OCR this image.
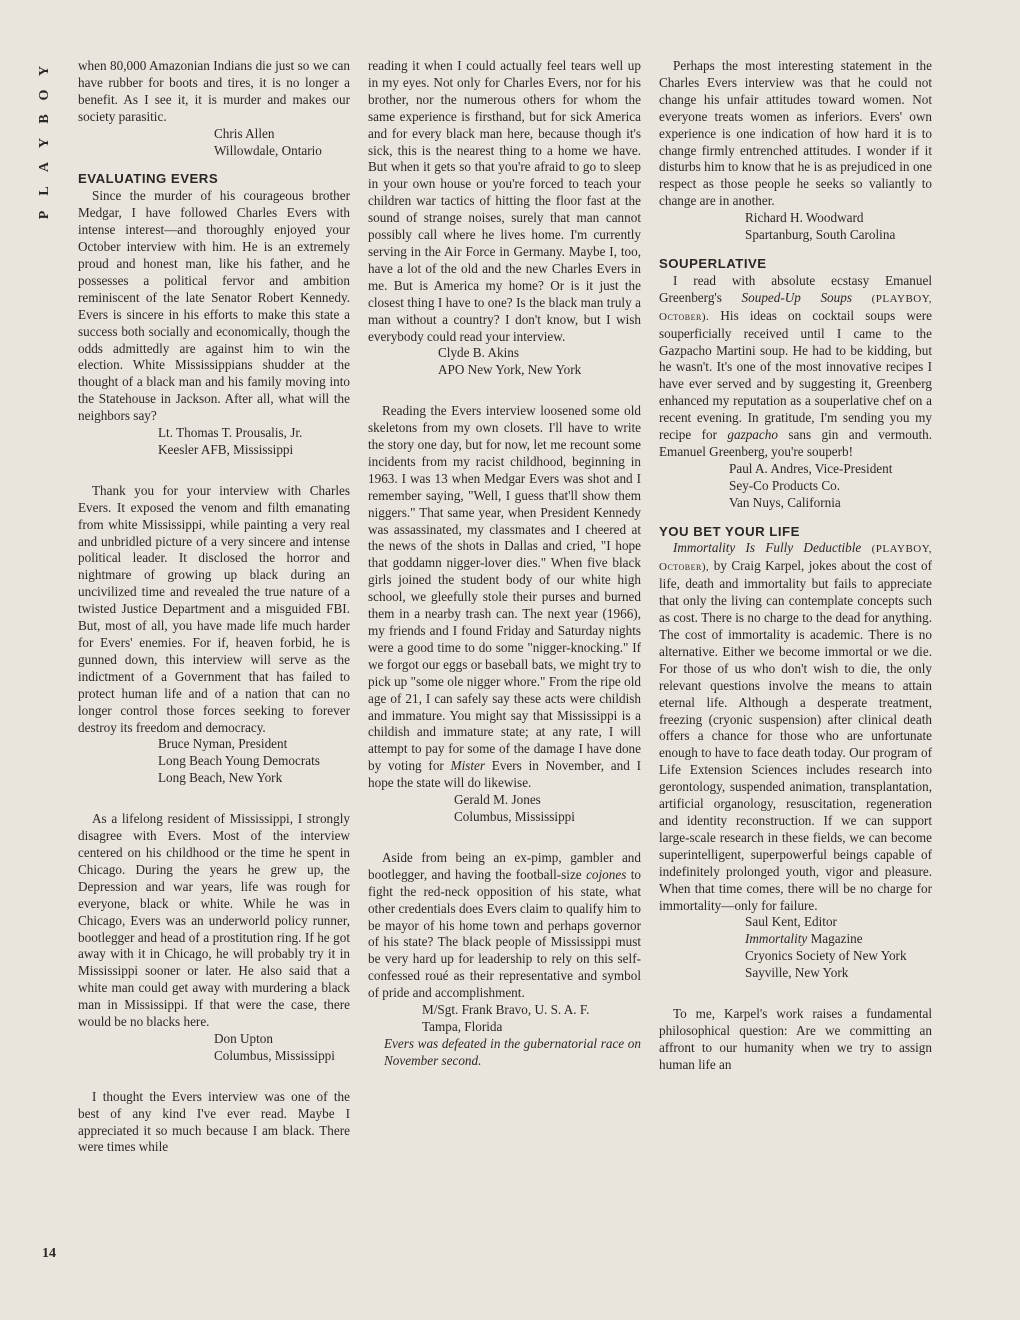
Y
O
B
Y
A
L
P
14

when 80,000 Amazonian Indians die just so we can have rubber for boots and tires, it is no longer a benefit. As I see it, it is murder and makes our society parasitic.

Chris Allen
Willowdale, Ontario
EVALUATING EVERS

Since the murder of his courageous brother Medgar, I have followed Charles Evers with intense interest—and thoroughly enjoyed your October interview with him. He is an extremely proud and honest man, like his father, and he possesses a political fervor and ambition reminiscent of the late Senator Robert Kennedy. Evers is sincere in his efforts to make this state a success both socially and economically, though the odds admittedly are against him to win the election. White Mississippians shudder at the thought of a black man and his family moving into the Statehouse in Jackson. After all, what will the neighbors say?

Lt. Thomas T. Prousalis, Jr.
Keesler AFB, Mississippi

Thank you for your interview with Charles Evers. It exposed the venom and filth emanating from white Mississippi, while painting a very real and unbridled picture of a very sincere and intense political leader. It disclosed the horror and nightmare of growing up black during an uncivilized time and revealed the true nature of a twisted Justice Department and a misguided FBI. But, most of all, you have made life much harder for Evers' enemies. For if, heaven forbid, he is gunned down, this interview will serve as the indictment of a Government that has failed to protect human life and of a nation that can no longer control those forces seeking to forever destroy its freedom and democracy.

Bruce Nyman, President
Long Beach Young Democrats
Long Beach, New York

As a lifelong resident of Mississippi, I strongly disagree with Evers. Most of the interview centered on his childhood or the time he spent in Chicago. During the years he grew up, the Depression and war years, life was rough for everyone, black or white. While he was in Chicago, Evers was an underworld policy runner, bootlegger and head of a prostitution ring. If he got away with it in Chicago, he will probably try it in Mississippi sooner or later. He also said that a white man could get away with murdering a black man in Mississippi. If that were the case, there would be no blacks here.

Don Upton
Columbus, Mississippi

I thought the Evers interview was one of the best of any kind I've ever read. Maybe I appreciated it so much because I am black. There were times while

reading it when I could actually feel tears well up in my eyes. Not only for Charles Evers, nor for his brother, nor the numerous others for whom the same experience is firsthand, but for sick America and for every black man here, because though it's sick, this is the nearest thing to a home we have. But when it gets so that you're afraid to go to sleep in your own house or you're forced to teach your children war tactics of hitting the floor fast at the sound of strange noises, surely that man cannot possibly call where he lives home. I'm currently serving in the Air Force in Germany. Maybe I, too, have a lot of the old and the new Charles Evers in me. But is America my home? Or is it just the closest thing I have to one? Is the black man truly a man without a country? I don't know, but I wish everybody could read your interview.

Clyde B. Akins
APO New York, New York

Reading the Evers interview loosened some old skeletons from my own closets. I'll have to write the story one day, but for now, let me recount some incidents from my racist childhood, beginning in 1963. I was 13 when Medgar Evers was shot and I remember saying, "Well, I guess that'll show them niggers." That same year, when President Kennedy was assassinated, my classmates and I cheered at the news of the shots in Dallas and cried, "I hope that goddamn nigger-lover dies." When five black girls joined the student body of our white high school, we gleefully stole their purses and burned them in a nearby trash can. The next year (1966), my friends and I found Friday and Saturday nights were a good time to do some "nigger-knocking." If we forgot our eggs or baseball bats, we might try to pick up "some ole nigger whore." From the ripe old age of 21, I can safely say these acts were childish and immature. You might say that Mississippi is a childish and immature state; at any rate, I will attempt to pay for some of the damage I have done by voting for Mister Evers in November, and I hope the state will do likewise.

Gerald M. Jones
Columbus, Mississippi

Aside from being an ex-pimp, gambler and bootlegger, and having the football-size cojones to fight the red-neck opposition of his state, what other credentials does Evers claim to qualify him to be mayor of his home town and perhaps governor of his state? The black people of Mississippi must be very hard up for leadership to rely on this self-confessed roué as their representative and symbol of pride and accomplishment.

M/Sgt. Frank Bravo, U. S. A. F.
Tampa, Florida

Evers was defeated in the gubernatorial race on November second.

Perhaps the most interesting statement in the Charles Evers interview was that he could not change his unfair attitudes toward women. Not everyone treats women as inferiors. Evers' own experience is one indication of how hard it is to change firmly entrenched attitudes. I wonder if it disturbs him to know that he is as prejudiced in one respect as those people he seeks so valiantly to change are in another.

Richard H. Woodward
Spartanburg, South Carolina
SOUPERLATIVE

I read with absolute ecstasy Emanuel Greenberg's Souped-Up Soups (PLAYBOY, October). His ideas on cocktail soups were souperficially received until I came to the Gazpacho Martini soup. He had to be kidding, but he wasn't. It's one of the most innovative recipes I have ever served and by suggesting it, Greenberg enhanced my reputation as a souperlative chef on a recent evening. In gratitude, I'm sending you my recipe for gazpacho sans gin and vermouth. Emanuel Greenberg, you're souperb!

Paul A. Andres, Vice-President
Sey-Co Products Co.
Van Nuys, California
YOU BET YOUR LIFE

Immortality Is Fully Deductible (PLAYBOY, October), by Craig Karpel, jokes about the cost of life, death and immortality but fails to appreciate that only the living can contemplate concepts such as cost. There is no charge to the dead for anything. The cost of immortality is academic. There is no alternative. Either we become immortal or we die. For those of us who don't wish to die, the only relevant questions involve the means to attain eternal life. Although a desperate treatment, freezing (cryonic suspension) after clinical death offers a chance for those who are unfortunate enough to have to face death today. Our program of Life Extension Sciences includes research into gerontology, suspended animation, transplantation, artificial organology, resuscitation, regeneration and identity reconstruction. If we can support large-scale research in these fields, we can become superintelligent, superpowerful beings capable of indefinitely prolonged youth, vigor and pleasure. When that time comes, there will be no charge for immortality—only for failure.

Saul Kent, Editor
Immortality Magazine
Cryonics Society of New York
Sayville, New York

To me, Karpel's work raises a fundamental philosophical question: Are we committing an affront to our humanity when we try to assign human life an
